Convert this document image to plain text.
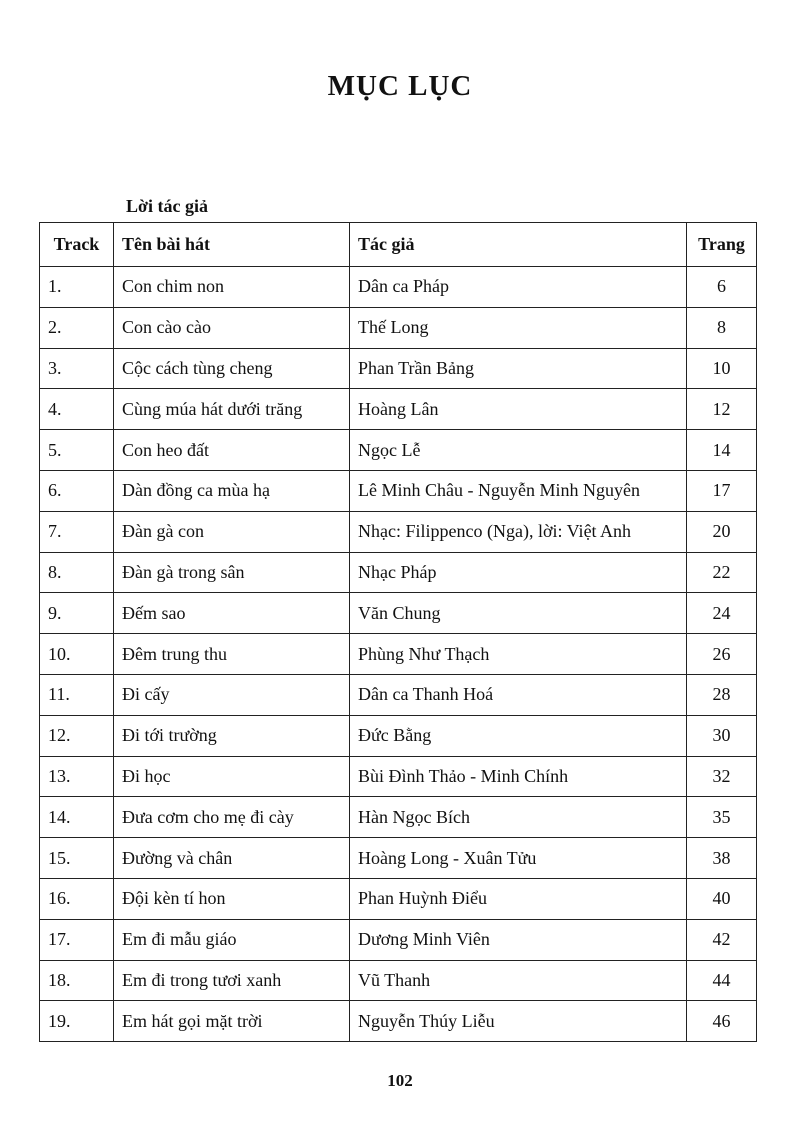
MỤC LỤC
Lời tác giả
Track	Tên bài hát	Tác giả	Trang
1.	Con chim non	Dân ca Pháp	6
2.	Con cào cào	Thế Long	8
3.	Cộc cách tùng cheng	Phan Trần Bảng	10
4.	Cùng múa hát dưới trăng	Hoàng Lân	12
5.	Con heo đất	Ngọc Lễ	14
6.	Dàn đồng ca mùa hạ	Lê Minh Châu - Nguyễn Minh Nguyên	17
7.	Đàn gà con	Nhạc: Filippenco (Nga), lời: Việt Anh	20
8.	Đàn gà trong sân	Nhạc Pháp	22
9.	Đếm sao	Văn Chung	24
10.	Đêm trung thu	Phùng Như Thạch	26
11.	Đi cấy	Dân ca Thanh Hoá	28
12.	Đi tới trường	Đức Bằng	30
13.	Đi học	Bùi Đình Thảo - Minh Chính	32
14.	Đưa cơm cho mẹ đi cày	Hàn Ngọc Bích	35
15.	Đường và chân	Hoàng Long - Xuân Tửu	38
16.	Đội kèn tí hon	Phan Huỳnh Điểu	40
17.	Em đi mẫu giáo	Dương Minh Viên	42
18.	Em đi trong tươi xanh	Vũ Thanh	44
19.	Em hát gọi mặt trời	Nguyễn Thúy Liễu	46
102
